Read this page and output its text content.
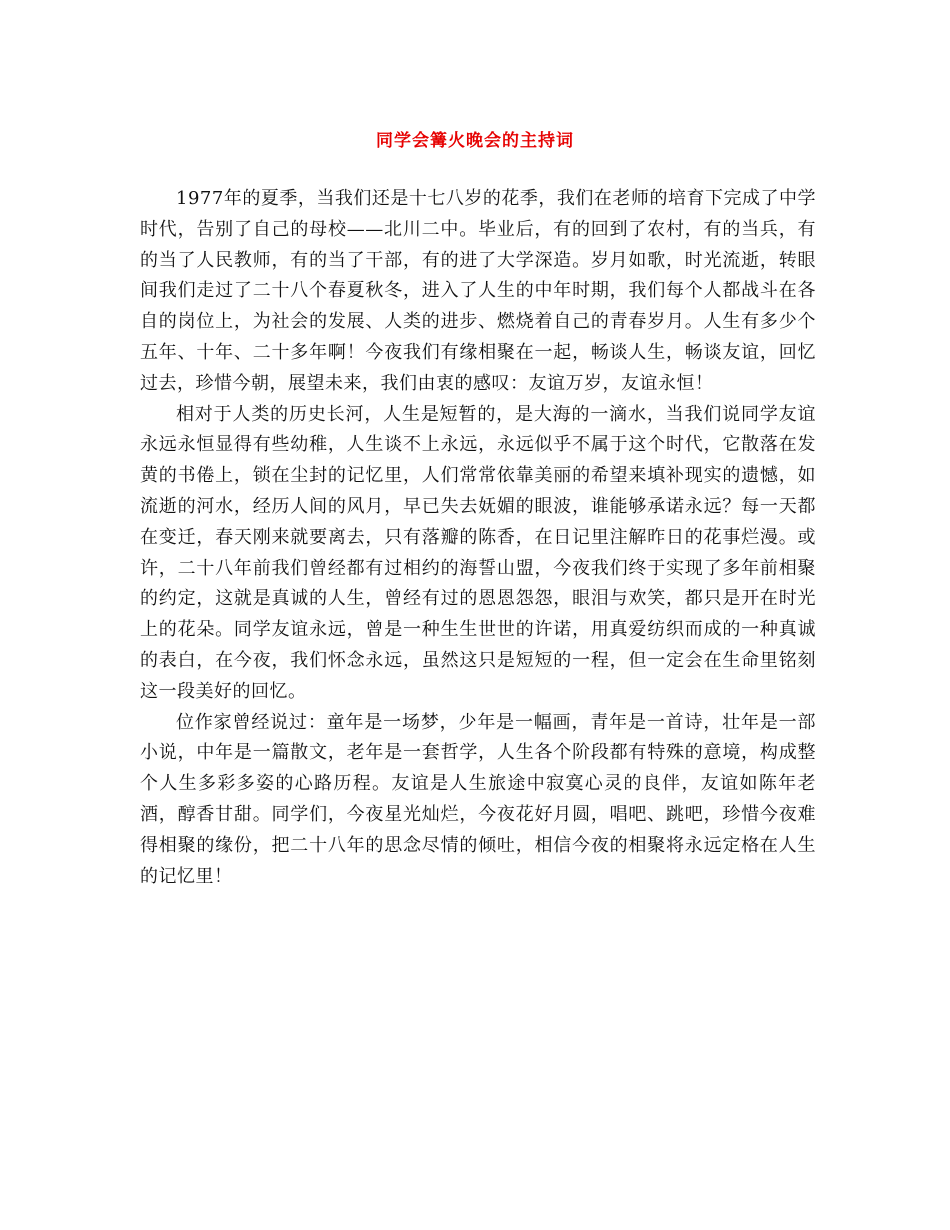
同学会篝火晚会的主持词

1977年的夏季，当我们还是十七八岁的花季，我们在老师的培育下完成了中学时代，告别了自己的母校——北川二中。毕业后，有的回到了农村，有的当兵，有的当了人民教师，有的当了干部，有的进了大学深造。岁月如歌，时光流逝，转眼间我们走过了二十八个春夏秋冬，进入了人生的中年时期，我们每个人都战斗在各自的岗位上，为社会的发展、人类的进步、燃烧着自己的青春岁月。人生有多少个五年、十年、二十多年啊！今夜我们有缘相聚在一起，畅谈人生，畅谈友谊，回忆过去，珍惜今朝，展望未来，我们由衷的感叹：友谊万岁，友谊永恒！

相对于人类的历史长河，人生是短暂的，是大海的一滴水，当我们说同学友谊永远永恒显得有些幼稚，人生谈不上永远，永远似乎不属于这个时代，它散落在发黄的书倦上，锁在尘封的记忆里，人们常常依靠美丽的希望来填补现实的遗憾，如流逝的河水，经历人间的风月，早已失去妩媚的眼波，谁能够承诺永远？每一天都在变迁，春天刚来就要离去，只有落瓣的陈香，在日记里注解昨日的花事烂漫。或许，二十八年前我们曾经都有过相约的海誓山盟，今夜我们终于实现了多年前相聚的约定，这就是真诚的人生，曾经有过的恩恩怨怨，眼泪与欢笑，都只是开在时光上的花朵。同学友谊永远，曾是一种生生世世的许诺，用真爱纺织而成的一种真诚的表白，在今夜，我们怀念永远，虽然这只是短短的一程，但一定会在生命里铭刻这一段美好的回忆。

位作家曾经说过：童年是一场梦，少年是一幅画，青年是一首诗，壮年是一部小说，中年是一篇散文，老年是一套哲学，人生各个阶段都有特殊的意境，构成整个人生多彩多姿的心路历程。友谊是人生旅途中寂寞心灵的良伴，友谊如陈年老酒，醇香甘甜。同学们，今夜星光灿烂，今夜花好月圆，唱吧、跳吧，珍惜今夜难得相聚的缘份，把二十八年的思念尽情的倾吐，相信今夜的相聚将永远定格在人生的记忆里！
